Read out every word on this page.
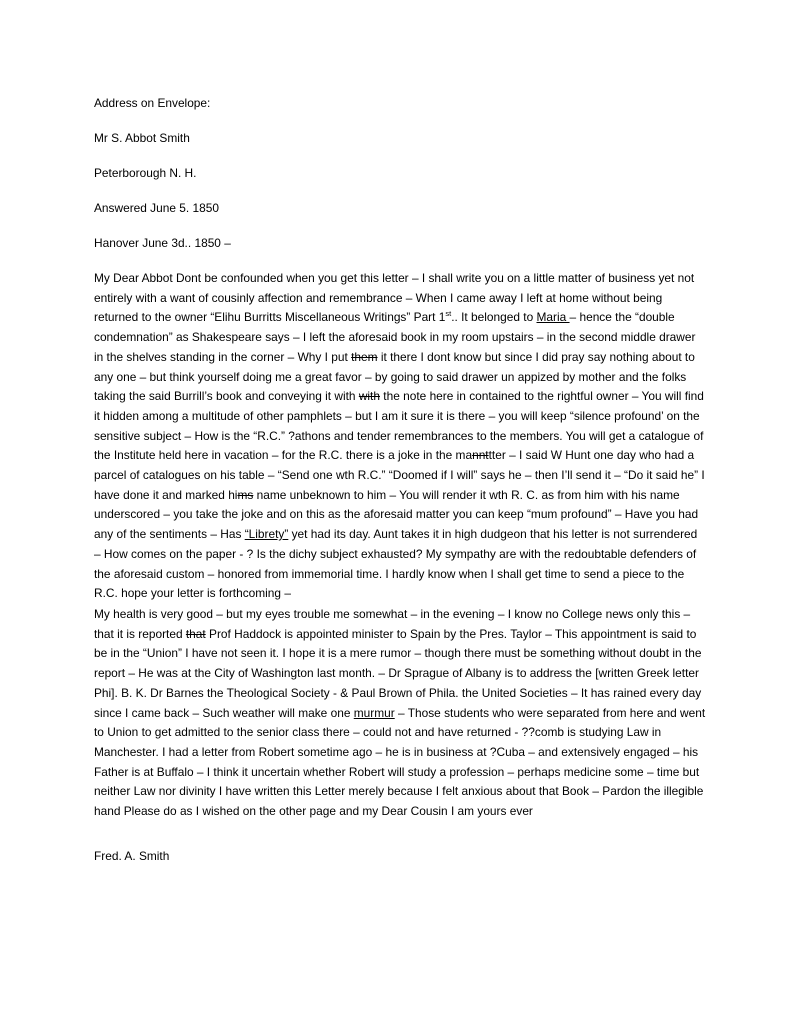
Address on Envelope:

Mr S. Abbot Smith

Peterborough N. H.

Answered June 5. 1850

Hanover June 3d.. 1850 –

My Dear Abbot Dont be confounded when you get this letter – I shall write you on a little matter of business yet not entirely with a want of cousinly affection and remembrance – When I came away I left at home without being returned to the owner “Elihu Burritts Miscellaneous Writings” Part 1st.. It belonged to Maria – hence the “double condemnation” as Shakespeare says – I left the aforesaid book in my room upstairs – in the second middle drawer in the shelves standing in the corner – Why I put them it there I dont know but since I did pray say nothing about to any one – but think yourself doing me a great favor – by going to said drawer un appized by mother and the folks taking the said Burrill’s book and conveying it with with the note here in contained to the rightful owner – You will find it hidden among a multitude of other pamphlets – but I am it sure it is there – you will keep “silence profound’ on the sensitive subject – How is the “R.C.” ?athons and tender remembrances to the members. You will get a catalogue of the Institute held here in vacation – for the R.C. there is a joke in the mannttter – I said W Hunt one day who had a parcel of catalogues on his table – “Send one wth R.C.” “Doomed if I will” says he – then I’ll send it – “Do it said he” I have done it and marked hims name unbeknown to him – You will render it wth R. C. as from him with his name underscored – you take the joke and on this as the aforesaid matter you can keep “mum profound” – Have you had any of the sentiments – Has “Librety” yet had its day. Aunt takes it in high dudgeon that his letter is not surrendered – How comes on the paper - ? Is the dichy subject exhausted? My sympathy are with the redoubtable defenders of the aforesaid custom – honored from immemorial time. I hardly know when I shall get time to send a piece to the R.C. hope your letter is forthcoming –

My health is very good – but my eyes trouble me somewhat – in the evening – I know no College news only this – that it is reported that Prof Haddock is appointed minister to Spain by the Pres. Taylor – This appointment is said to be in the “Union” I have not seen it. I hope it is a mere rumor – though there must be something without doubt in the report – He was at the City of Washington last month. – Dr Sprague of Albany is to address the [written Greek letter Phi]. B. K. Dr Barnes the Theological Society - & Paul Brown of Phila. the United Societies – It has rained every day since I came back – Such weather will make one murmur – Those students who were separated from here and went to Union to get admitted to the senior class there – could not and have returned - ??comb is studying Law in Manchester. I had a letter from Robert sometime ago – he is in business at ?Cuba – and extensively engaged – his Father is at Buffalo – I think it uncertain whether Robert will study a profession – perhaps medicine some – time but neither Law nor divinity I have written this Letter merely because I felt anxious about that Book – Pardon the illegible hand Please do as I wished on the other page and my Dear Cousin I am yours ever

Fred. A. Smith
